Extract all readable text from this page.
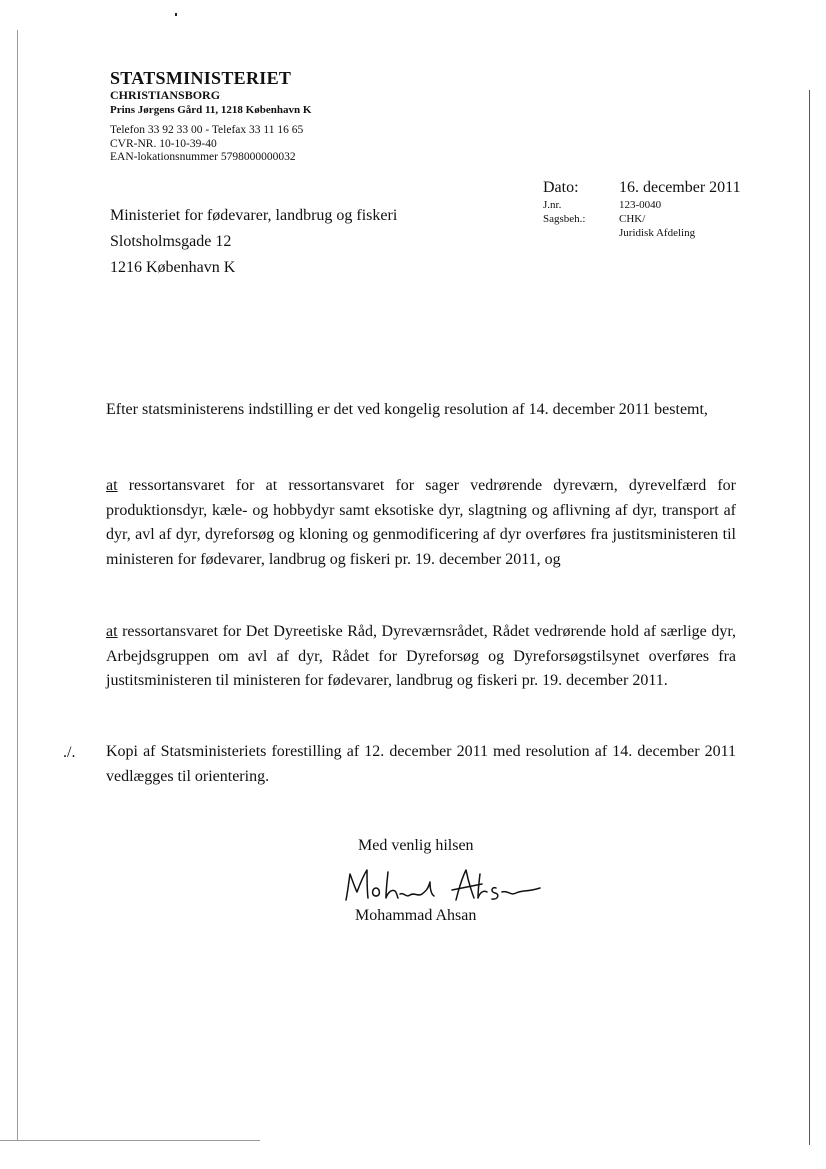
STATSMINISTERIET
CHRISTIANSBORG
Prins Jørgens Gård 11, 1218 København K
Telefon 33 92 33 00 - Telefax 33 11 16 65
CVR-NR. 10-10-39-40
EAN-lokationsnummer 5798000000032
Dato:	16. december 2011
J.nr.	123-0040
Sagsbeh.:	CHK/
Juridisk Afdeling
Ministeriet for fødevarer, landbrug og fiskeri
Slotsholmsgade 12
1216 København K
Efter statsministerens indstilling er det ved kongelig resolution af 14. december 2011 bestemt,
at ressortansvaret for at ressortansvaret for sager vedrørende dyreværn, dyrevelfærd for produktionsdyr, kæle- og hobbydyr samt eksotiske dyr, slagtning og aflivning af dyr, transport af dyr, avl af dyr, dyreforsøg og kloning og genmodificering af dyr overføres fra justitsministeren til ministeren for fødevarer, landbrug og fiskeri pr. 19. december 2011, og
at ressortansvaret for Det Dyreetiske Råd, Dyreværnsrådet, Rådet vedrørende hold af særlige dyr, Arbejdsgruppen om avl af dyr, Rådet for Dyreforsøg og Dyreforsøgstilsynet overføres fra justitsministeren til ministeren for fødevarer, landbrug og fiskeri pr. 19. december 2011.
./. Kopi af Statsministeriets forestilling af 12. december 2011 med resolution af 14. december 2011 vedlægges til orientering.
Med venlig hilsen
Mohammad Ahsan
